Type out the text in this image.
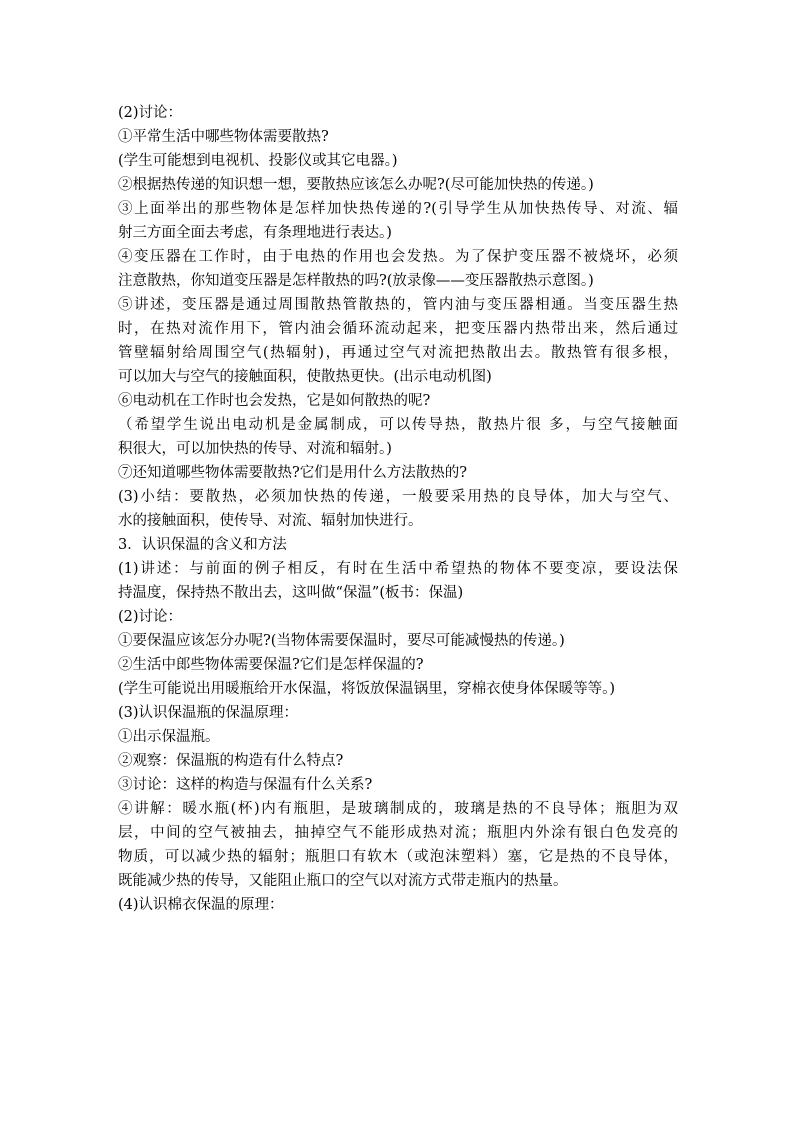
(2)讨论：
①平常生活中哪些物体需要散热?
(学生可能想到电视机、投影仪或其它电器。)
②根据热传递的知识想一想，要散热应该怎么办呢?(尽可能加快热的传递。)
③上面举出的那些物体是怎样加快热传递的?(引导学生从加快热传导、对流、辐
射三方面全面去考虑，有条理地进行表达。)
④变压器在工作时，由于电热的作用也会发热。为了保护变压器不被烧坏，必须
注意散热，你知道变压器是怎样散热的吗?(放录像——变压器散热示意图。)
⑤讲述，变压器是通过周围散热管散热的，管内油与变压器相通。当变压器生热
时，在热对流作用下，管内油会循环流动起来，把变压器内热带出来，然后通过
管壁辐射给周围空气(热辐射)，再通过空气对流把热散出去。散热管有很多根，
可以加大与空气的接触面积，使散热更快。(出示电动机图)
⑥电动机在工作时也会发热，它是如何散热的呢?
（希望学生说出电动机是金属制成，可以传导热，散热片很 多，与空气接触面
积很大，可以加快热的传导、对流和辐射。)
⑦还知道哪些物体需要散热?它们是用什么方法散热的?
(3)小结：要散热，必须加快热的传递，一般要采用热的良导体，加大与空气、
水的接触面积，使传导、对流、辐射加快进行。
3．认识保温的含义和方法
(1)讲述：与前面的例子相反，有时在生活中希望热的物体不要变凉，要设法保
持温度，保持热不散出去，这叫做“保温”(板书：保温)
(2)讨论：
①要保温应该怎分办呢?(当物体需要保温时，要尽可能减慢热的传递。)
②生活中郎些物体需要保温?它们是怎样保温的?
(学生可能说出用暖瓶给开水保温，将饭放保温锅里，穿棉衣使身体保暖等等。)
(3)认识保温瓶的保温原理：
①出示保温瓶。
②观察：保温瓶的构造有什么特点?
③讨论：这样的构造与保温有什么关系?
④讲解：暖水瓶(杯)内有瓶胆，是玻璃制成的，玻璃是热的不良导体；瓶胆为双
层，中间的空气被抽去，抽掉空气不能形成热对流；瓶胆内外涂有银白色发亮的
物质，可以减少热的辐射；瓶胆口有软木（或泡沫塑料）塞，它是热的不良导体，
既能减少热的传导，又能阻止瓶口的空气以对流方式带走瓶内的热量。
(4)认识棉衣保温的原理：
